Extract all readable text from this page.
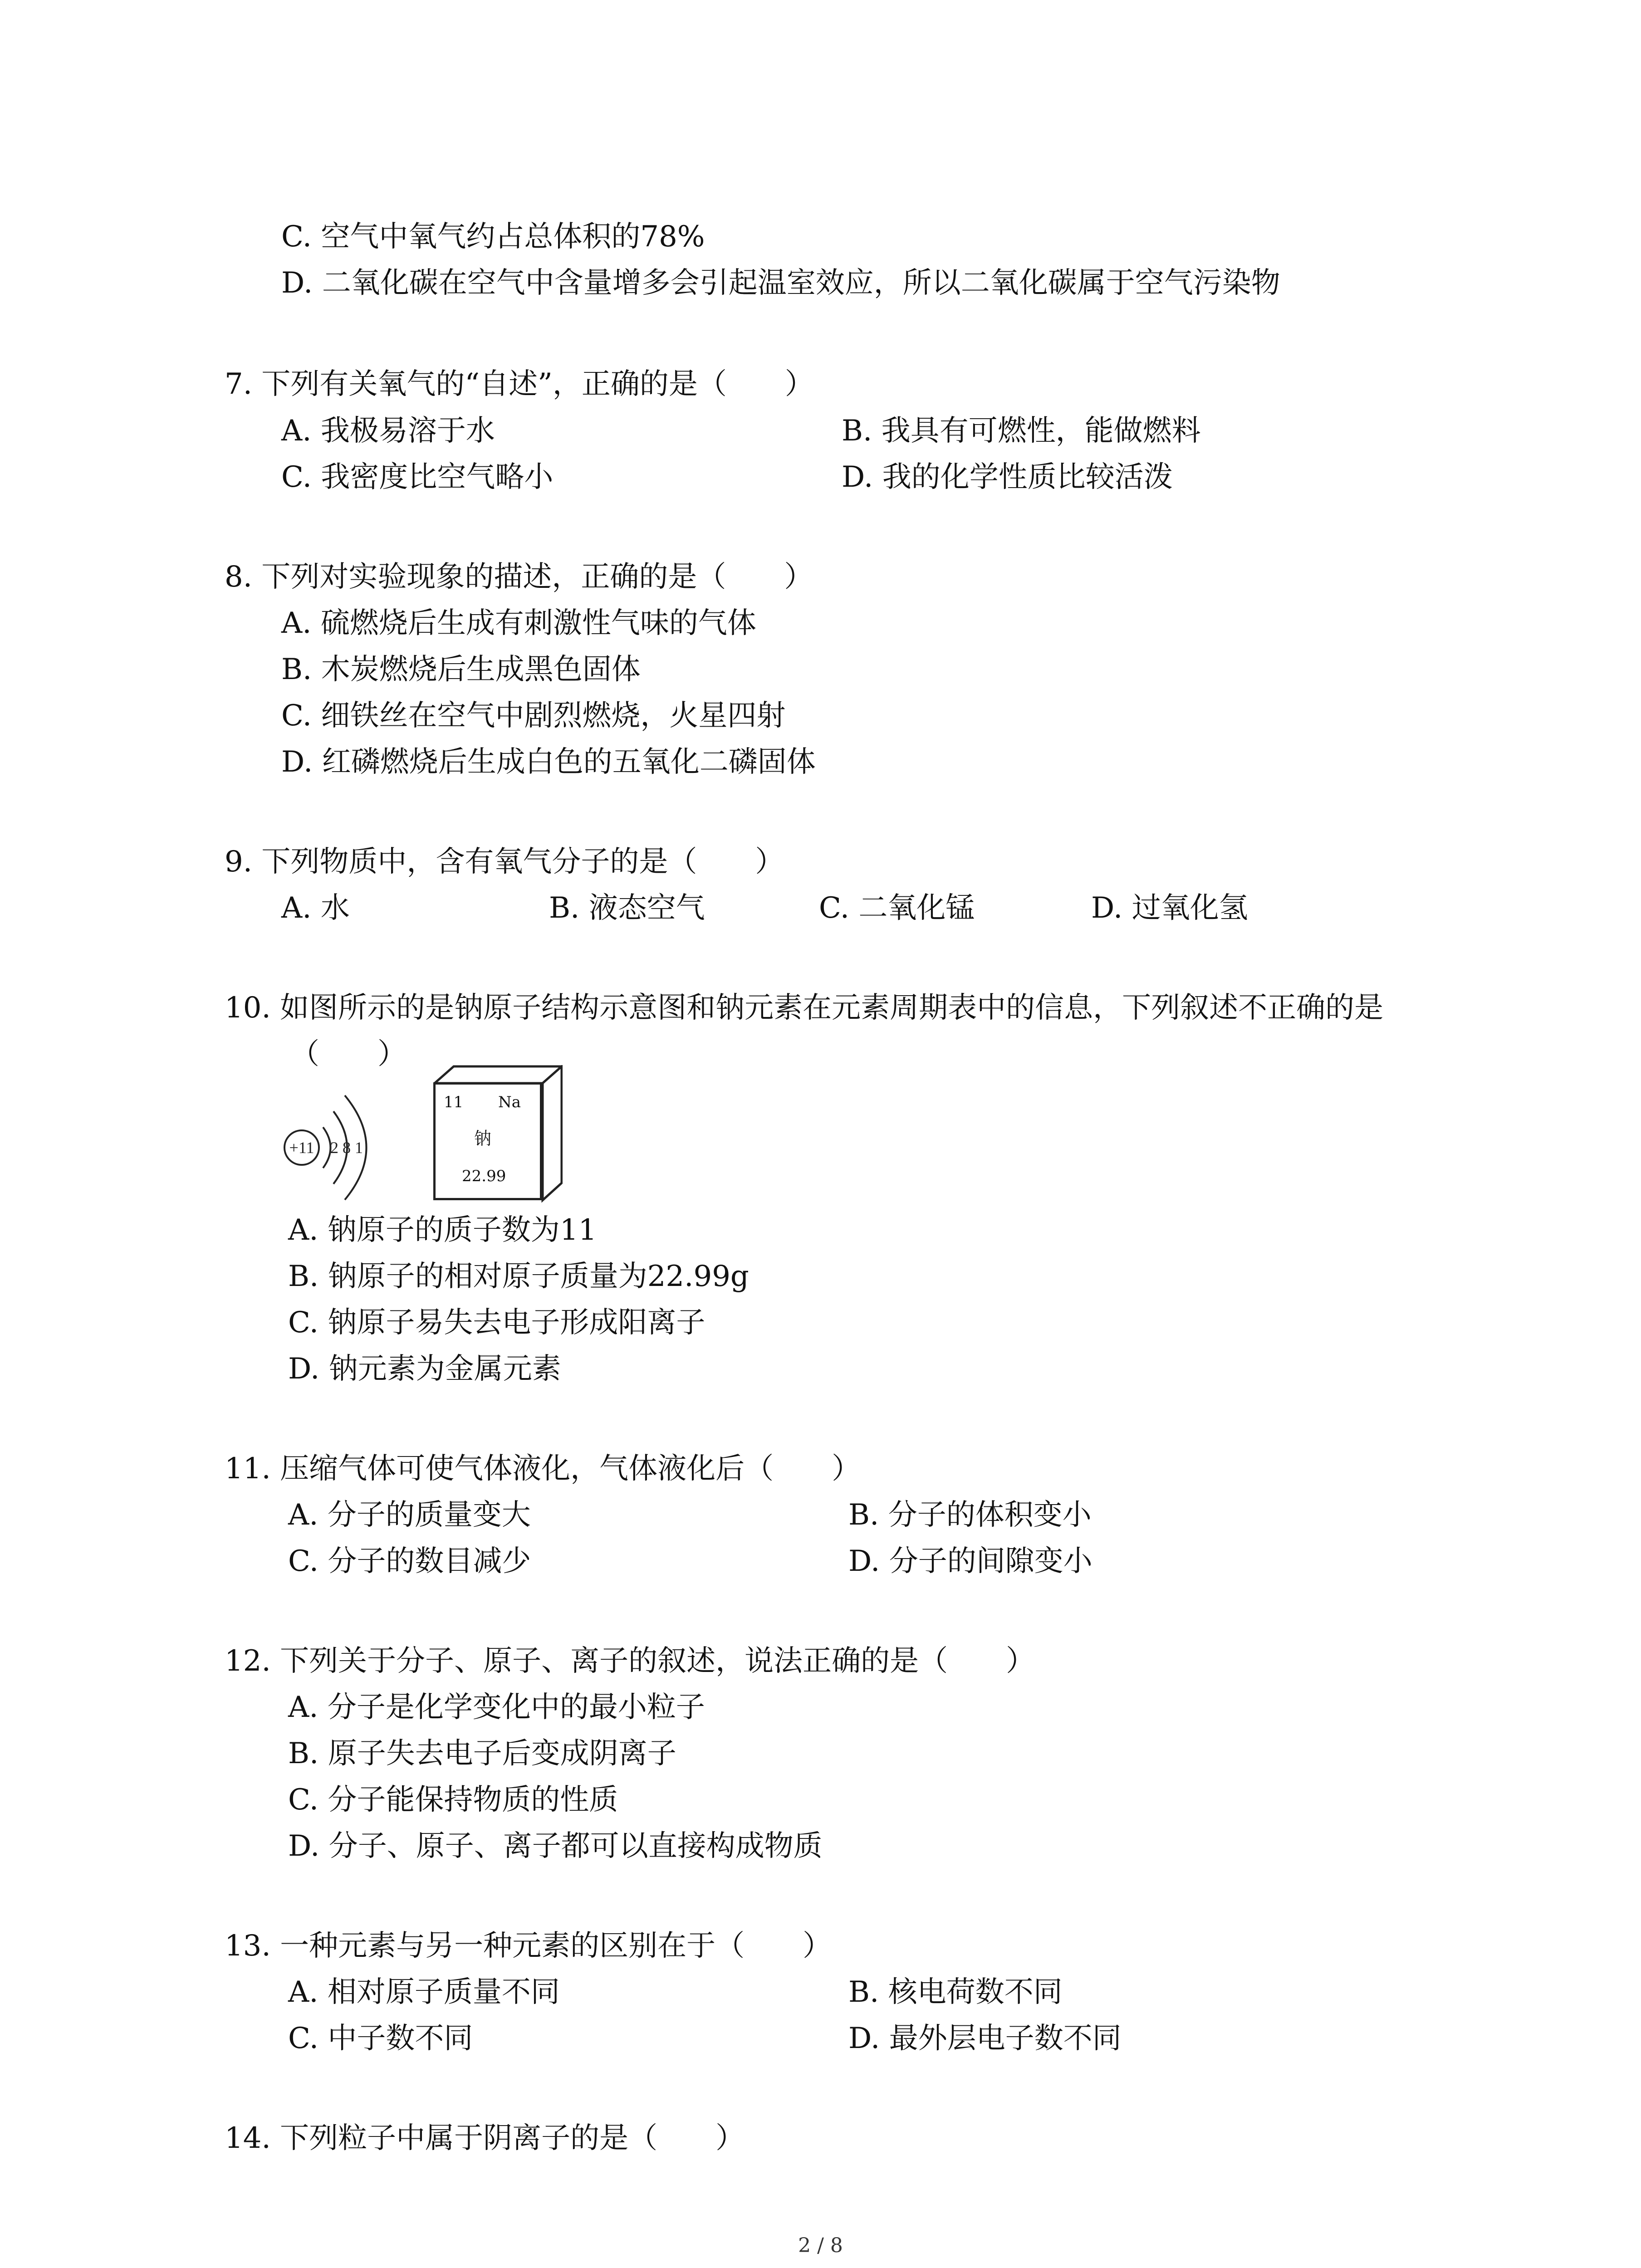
C. 空气中氧气约占总体积的78%
D. 二氧化碳在空气中含量增多会引起温室效应，所以二氧化碳属于空气污染物
7. 下列有关氧气的“自述”，正确的是（　　）
A. 我极易溶于水	B. 我具有可燃性，能做燃料
C. 我密度比空气略小	D. 我的化学性质比较活泼
8. 下列对实验现象的描述，正确的是（　　）
A. 硫燃烧后生成有刺激性气味的气体
B. 木炭燃烧后生成黑色固体
C. 细铁丝在空气中剧烈燃烧，火星四射
D. 红磷燃烧后生成白色的五氧化二磷固体
9. 下列物质中，含有氧气分子的是（　　）
A. 水	B. 液态空气	C. 二氧化锰	D. 过氧化氢
10. 如图所示的是钠原子结构示意图和钠元素在元素周期表中的信息，下列叙述不正确的是
（　　）
A. 钠原子的质子数为11
B. 钠原子的相对原子质量为22.99g
C. 钠原子易失去电子形成阳离子
D. 钠元素为金属元素
11. 压缩气体可使气体液化，气体液化后（　　）
A. 分子的质量变大	B. 分子的体积变小
C. 分子的数目减少	D. 分子的间隙变小
12. 下列关于分子、原子、离子的叙述，说法正确的是（　　）
A. 分子是化学变化中的最小粒子
B. 原子失去电子后变成阴离子
C. 分子能保持物质的性质
D. 分子、原子、离子都可以直接构成物质
13. 一种元素与另一种元素的区别在于（　　）
A. 相对原子质量不同	B. 核电荷数不同
C. 中子数不同	D. 最外层电子数不同
14. 下列粒子中属于阴离子的是（　　）
+11 2 8 1
11 Na
钠
22.99
2 / 8
